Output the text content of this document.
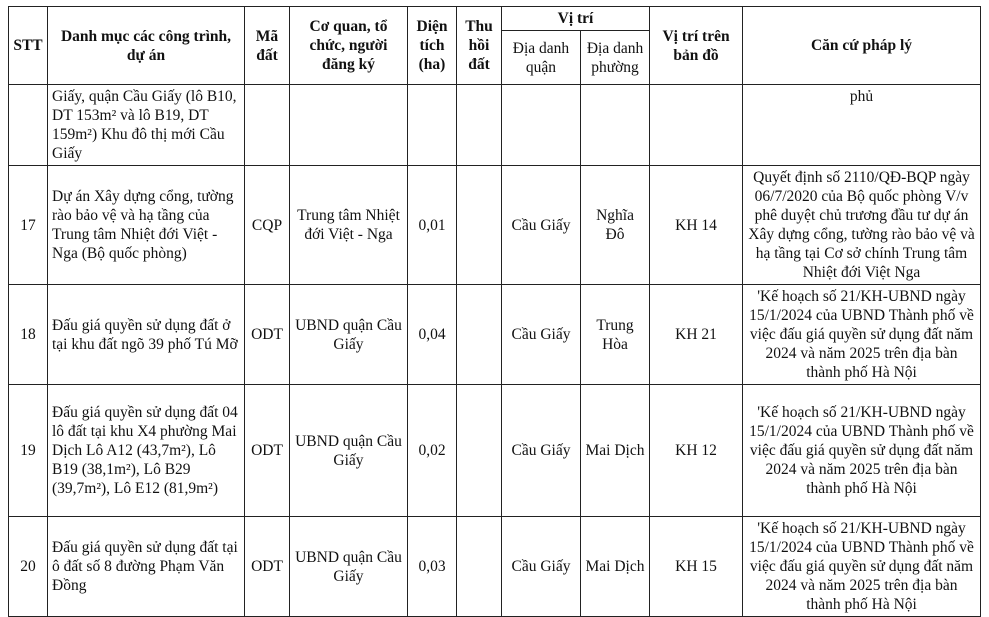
STT	Danh mục các công trình, dự án	Mã đất	Cơ quan, tổ chức, người đăng ký	Diện tích (ha)	Thu hồi đất	Vị trí		Vị trí trên bản đồ	Căn cứ pháp lý
						Địa danh quận	Địa danh phường		
	Giấy, quận Cầu Giấy (lô B10, DT 153m² và lô B19, DT 159m²) Khu đô thị mới Cầu Giấy								phủ
17	Dự án Xây dựng cổng, tường rào bảo vệ và hạ tầng của Trung tâm Nhiệt đới Việt - Nga (Bộ quốc phòng)	CQP	Trung tâm Nhiệt đới Việt - Nga	0,01		Cầu Giấy	Nghĩa Đô	KH 14	Quyết định số 2110/QĐ-BQP ngày 06/7/2020 của Bộ quốc phòng V/v phê duyệt chủ trương đầu tư dự án Xây dựng cổng, tường rào bảo vệ và hạ tầng tại Cơ sở chính Trung tâm Nhiệt đới Việt Nga
18	Đấu giá quyền sử dụng đất ở tại khu đất ngõ 39 phố Tú Mỡ	ODT	UBND quận Cầu Giấy	0,04		Cầu Giấy	Trung Hòa	KH 21	'Kế hoạch số 21/KH-UBND ngày 15/1/2024 của UBND Thành phố về việc đấu giá quyền sử dụng đất năm 2024 và năm 2025 trên địa bàn thành phố Hà Nội
19	Đấu giá quyền sử dụng đất 04 lô đất tại khu X4 phường Mai Dịch Lô A12 (43,7m²), Lô B19 (38,1m²), Lô B29 (39,7m²), Lô E12 (81,9m²)	ODT	UBND quận Cầu Giấy	0,02		Cầu Giấy	Mai Dịch	KH 12	'Kế hoạch số 21/KH-UBND ngày 15/1/2024 của UBND Thành phố về việc đấu giá quyền sử dụng đất năm 2024 và năm 2025 trên địa bàn thành phố Hà Nội
20	Đấu giá quyền sử dụng đất tại ô đất số 8 đường Phạm Văn Đồng	ODT	UBND quận Cầu Giấy	0,03		Cầu Giấy	Mai Dịch	KH 15	'Kế hoạch số 21/KH-UBND ngày 15/1/2024 của UBND Thành phố về việc đấu giá quyền sử dụng đất năm 2024 và năm 2025 trên địa bàn thành phố Hà Nội
